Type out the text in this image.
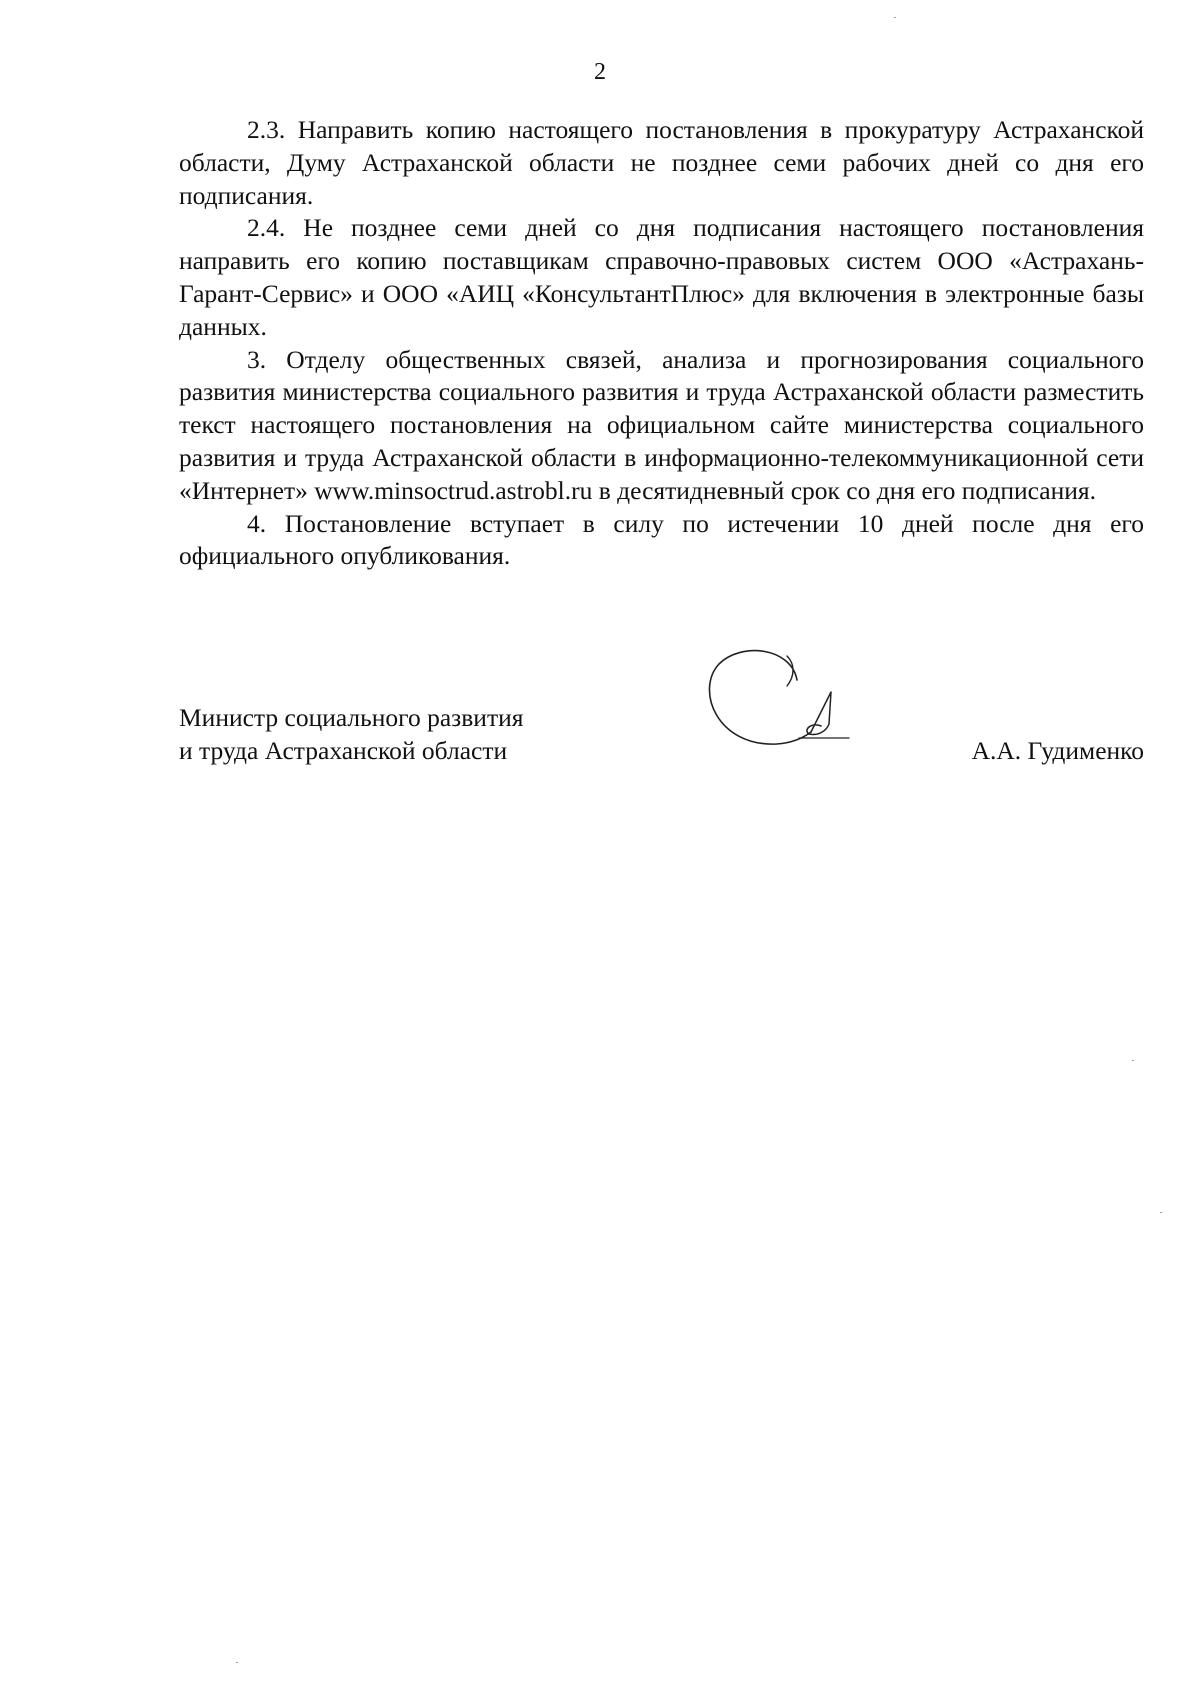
2

2.3. Направить копию настоящего постановления в прокуратуру Астраханской области, Думу Астраханской области не позднее семи рабочих дней со дня его подписания.

2.4. Не позднее семи дней со дня подписания настоящего постановления направить его копию поставщикам справочно-правовых систем ООО «Астрахань-Гарант-Сервис» и ООО «АИЦ «КонсультантПлюс» для включения в электронные базы данных.

3. Отделу общественных связей, анализа и прогнозирования социального развития министерства социального развития и труда Астраханской области разместить текст настоящего постановления на официальном сайте министерства социального развития и труда Астраханской области в информационно-телекоммуникационной сети «Интернет» www.minsoctrud.astrobl.ru в десятидневный срок со дня его подписания.

4. Постановление вступает в силу по истечении 10 дней после дня его официального опубликования.

Министр социального развития
и труда Астраханской области	А.А. Гудименко
